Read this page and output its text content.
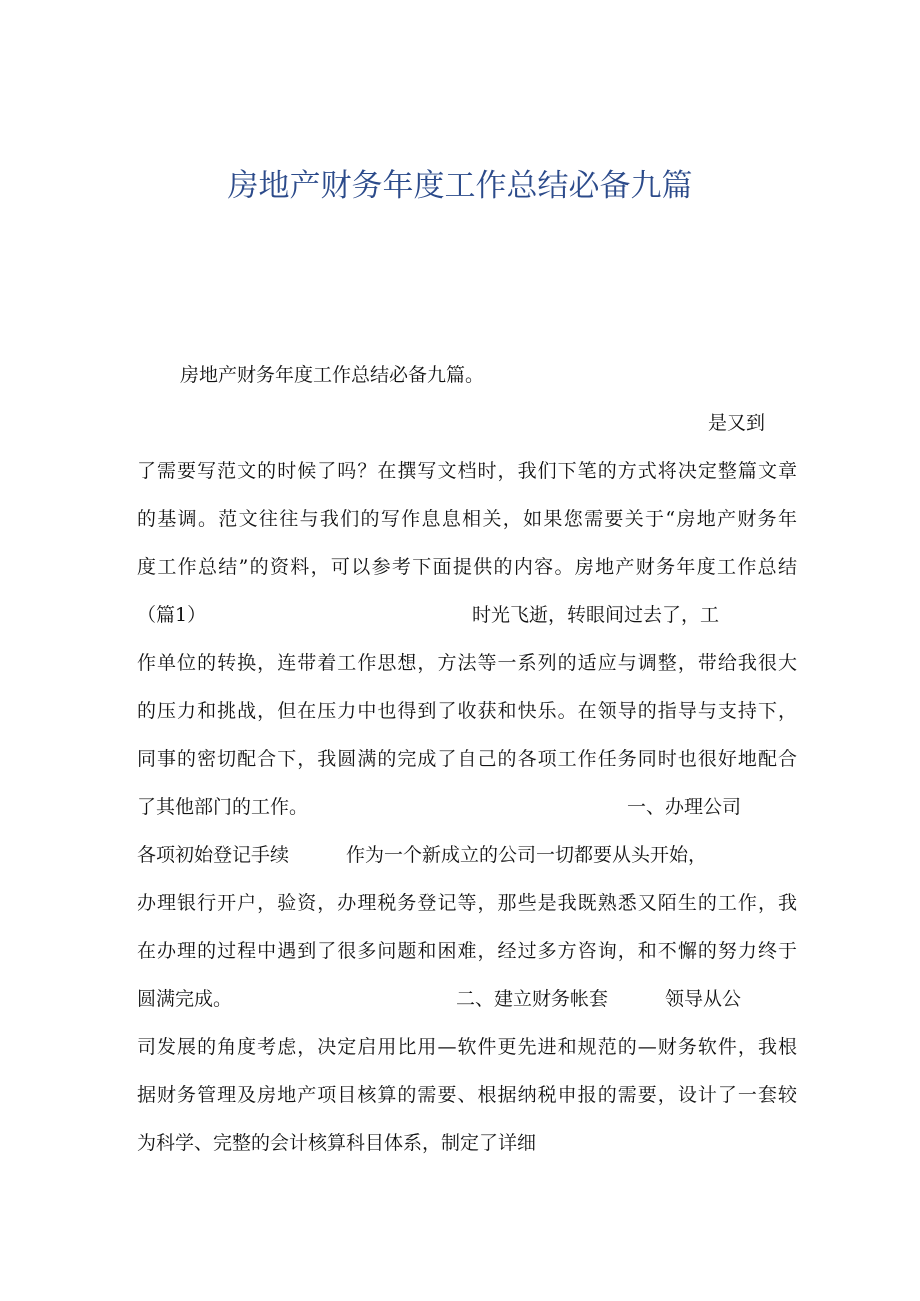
房地产财务年度工作总结必备九篇
房地产财务年度工作总结必备九篇。
是又到
了需要写范文的时候了吗？在撰写文档时，我们下笔的方式将决定整篇文章
的基调。范文往往与我们的写作息息相关，如果您需要关于“房地产财务年
度工作总结”的资料，可以参考下面提供的内容。房地产财务年度工作总结
（篇1）	时光飞逝，转眼间过去了，工
作单位的转换，连带着工作思想，方法等一系列的适应与调整，带给我很大
的压力和挑战，但在压力中也得到了收获和快乐。在领导的指导与支持下，
同事的密切配合下，我圆满的完成了自己的各项工作任务同时也很好地配合
了其他部门的工作。	一、办理公司
各项初始登记手续	作为一个新成立的公司一切都要从头开始，
办理银行开户，验资，办理税务登记等，那些是我既熟悉又陌生的工作，我
在办理的过程中遇到了很多问题和困难，经过多方咨询，和不懈的努力终于
圆满完成。	二、建立财务帐套	领导从公
司发展的角度考虑，决定启用比用—软件更先进和规范的—财务软件，我根
据财务管理及房地产项目核算的需要、根据纳税申报的需要，设计了一套较
为科学、完整的会计核算科目体系，制定了详细
